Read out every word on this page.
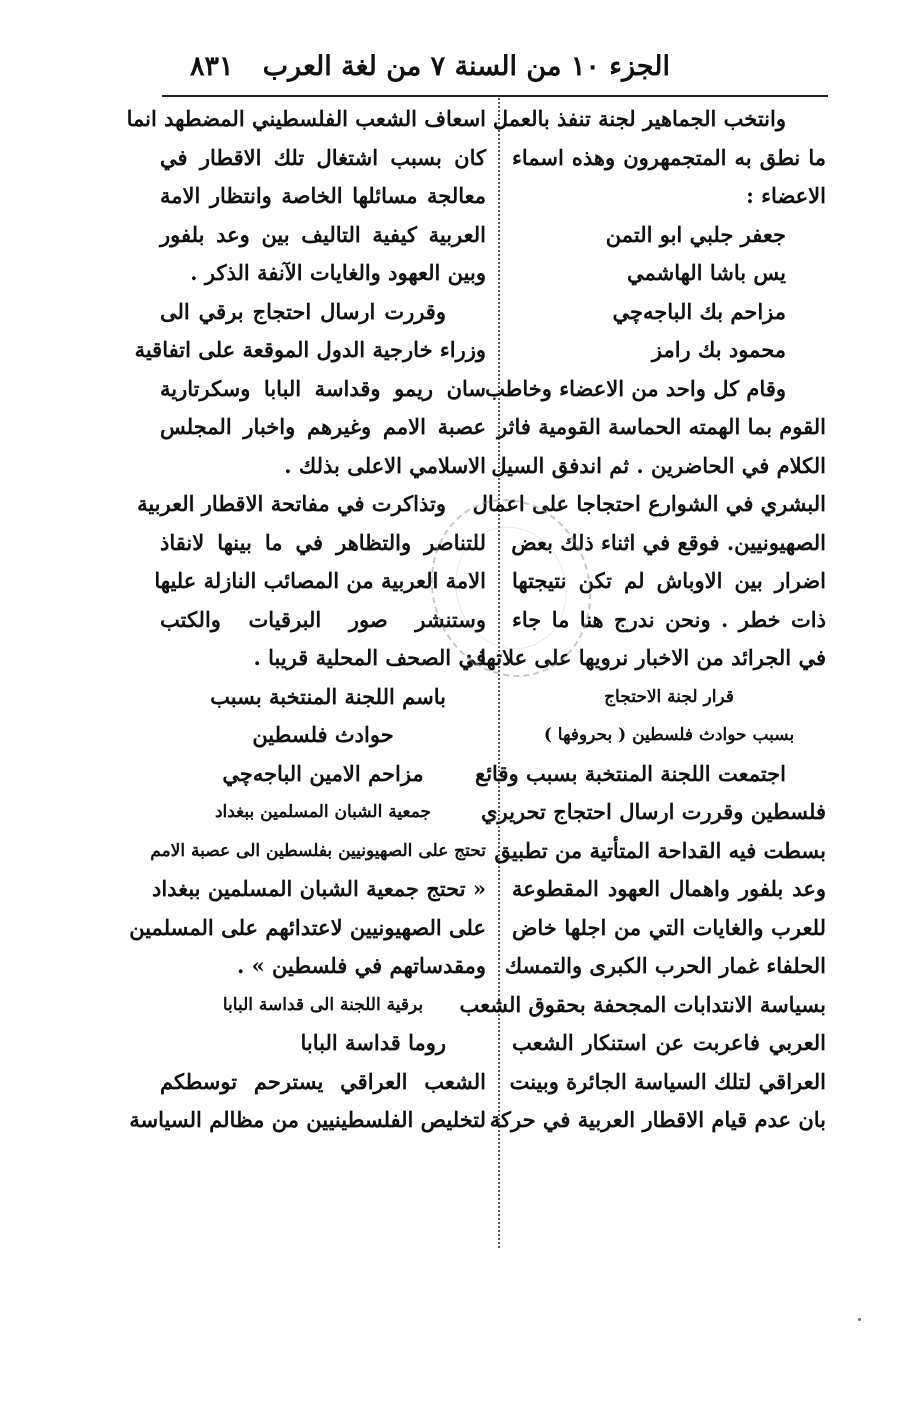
الجزء ١٠ من السنة ٧ من لغة العرب
٨٣١
وانتخب الجماهير لجنة تنفذ بالعمل
ما نطق به المتجمهرون وهذه اسماء
الاعضاء :
جعفر جلبي ابو التمن
يس باشا الهاشمي
مزاحم بك الباجه‌چي
محمود بك رامز
وقام كل واحد من الاعضاء وخاطب
القوم بما الهمته الحماسة القومية فاثر
الكلام في الحاضرين . ثم اندفق السيل
البشري في الشوارع احتجاجا على اعمال
الصهيونيين. فوقع في اثناء ذلك بعض
اضرار بين الاوباش لم تكن نتيجتها
ذات خطر . ونحن ندرج هنا ما جاء
في الجرائد من الاخبار نرويها على علاتها :
قرار لجنة الاحتجاج
بسبب حوادث فلسطين ( بحروفها )
اجتمعت اللجنة المنتخبة بسبب وقائع
فلسطين وقررت ارسال احتجاج تحريري
بسطت فيه القداحة المتأتية من تطبيق
وعد بلفور واهمال العهود المقطوعة
للعرب والغايات التي من اجلها خاض
الحلفاء غمار الحرب الكبرى والتمسك
بسياسة الانتدابات المجحفة بحقوق الشعب
العربي فاعربت عن استنكار الشعب
العراقي لتلك السياسة الجائرة وبينت
بان عدم قيام الاقطار العربية في حركة
اسعاف الشعب الفلسطيني المضطهد انما
كان بسبب اشتغال تلك الاقطار في
معالجة مسائلها الخاصة وانتظار الامة
العربية كيفية التاليف بين وعد بلفور
وبين العهود والغايات الآنفة الذكر .
وقررت ارسال احتجاج برقي الى
وزراء خارجية الدول الموقعة على اتفاقية
سان ريمو وقداسة البابا وسكرتارية
عصبة الامم وغيرهم واخبار المجلس
الاسلامي الاعلى بذلك .
وتذاكرت في مفاتحة الاقطار العربية
للتناصر والتظاهر في ما بينها لانقاذ
الامة العربية من المصائب النازلة عليها
وستنشر صور البرقيات والكتب
في الصحف المحلية قريبا .
باسم اللجنة المنتخبة بسبب
حوادث فلسطين
مزاحم الامين الباجه‌چي
جمعية الشبان المسلمين ببغداد
تحتج على الصهيونيين بفلسطين الى عصبة الامم
« تحتج جمعية الشبان المسلمين ببغداد
على الصهيونيين لاعتدائهم على المسلمين
ومقدساتهم في فلسطين » .
برقية اللجنة الى قداسة البابا
روما قداسة البابا
الشعب العراقي يسترحم توسطكم
لتخليص الفلسطينيين من مظالم السياسة
